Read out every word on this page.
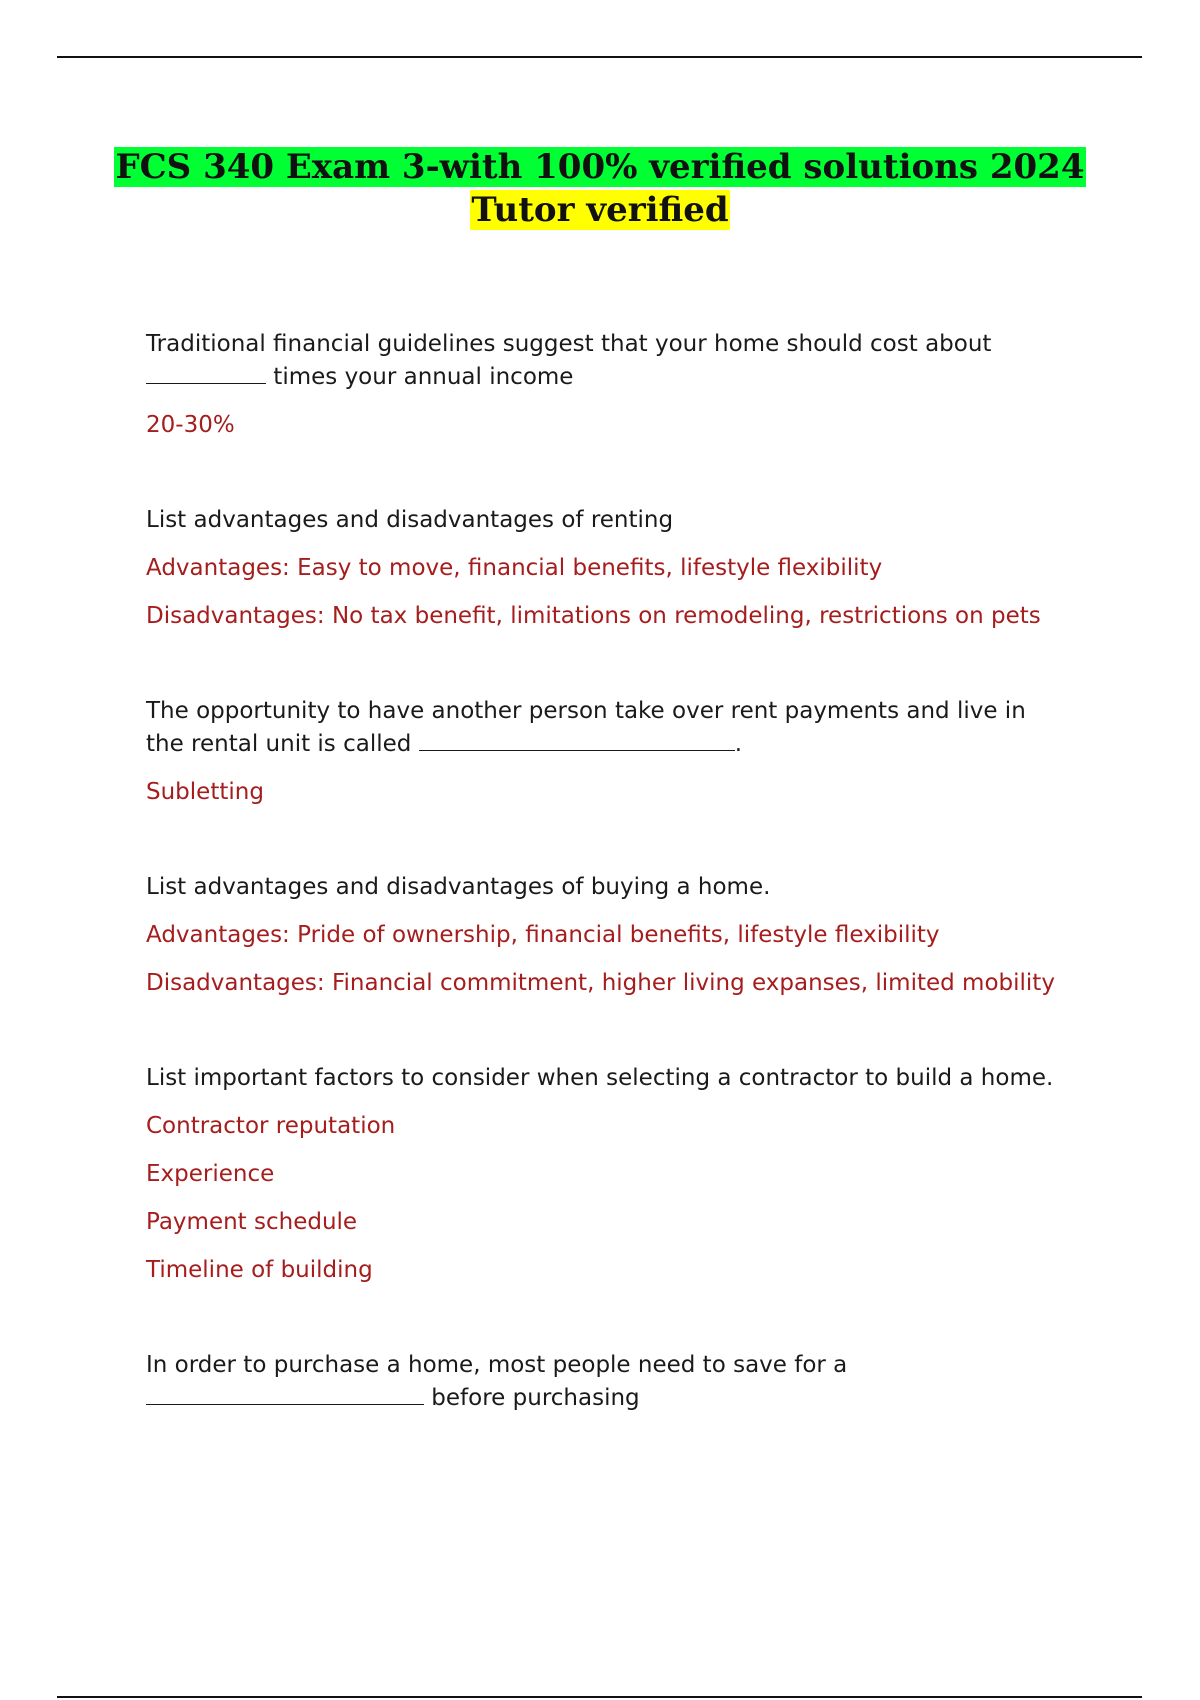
FCS 340 Exam 3-with 100% verified solutions 2024
Tutor verified
Traditional financial guidelines suggest that your home should cost about
times your annual income
20-30%
List advantages and disadvantages of renting
Advantages: Easy to move, financial benefits, lifestyle flexibility
Disadvantages: No tax benefit, limitations on remodeling, restrictions on pets
The opportunity to have another person take over rent payments and live in the rental unit is called	.
Subletting
List advantages and disadvantages of buying a home.
Advantages: Pride of ownership, financial benefits, lifestyle flexibility
Disadvantages: Financial commitment, higher living expanses, limited mobility
List important factors to consider when selecting a contractor to build a home.
Contractor reputation
Experience
Payment schedule
Timeline of building
In order to purchase a home, most people need to save for a
before purchasing
